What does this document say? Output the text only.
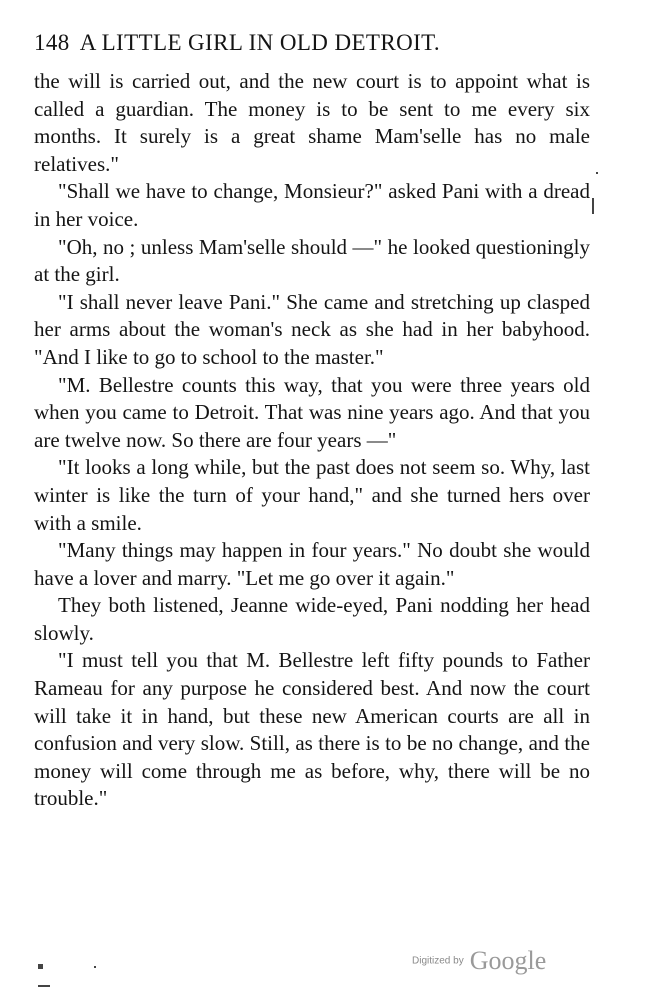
148 A LITTLE GIRL IN OLD DETROIT.

the will is carried out, and the new court is to appoint what is called a guardian. The money is to be sent to me every six months. It surely is a great shame Mam'selle has no male relatives."

"Shall we have to change, Monsieur?" asked Pani with a dread in her voice.

"Oh, no ; unless Mam'selle should —" he looked questioningly at the girl.

"I shall never leave Pani." She came and stretching up clasped her arms about the woman's neck as she had in her babyhood. "And I like to go to school to the master."

"M. Bellestre counts this way, that you were three years old when you came to Detroit. That was nine years ago. And that you are twelve now. So there are four years —"

"It looks a long while, but the past does not seem so. Why, last winter is like the turn of your hand," and she turned hers over with a smile.

"Many things may happen in four years." No doubt she would have a lover and marry. "Let me go over it again."

They both listened, Jeanne wide-eyed, Pani nodding her head slowly.

"I must tell you that M. Bellestre left fifty pounds to Father Rameau for any purpose he considered best. And now the court will take it in hand, but these new American courts are all in confusion and very slow. Still, as there is to be no change, and the money will come through me as before, why, there will be no trouble."

Digitized by Google
